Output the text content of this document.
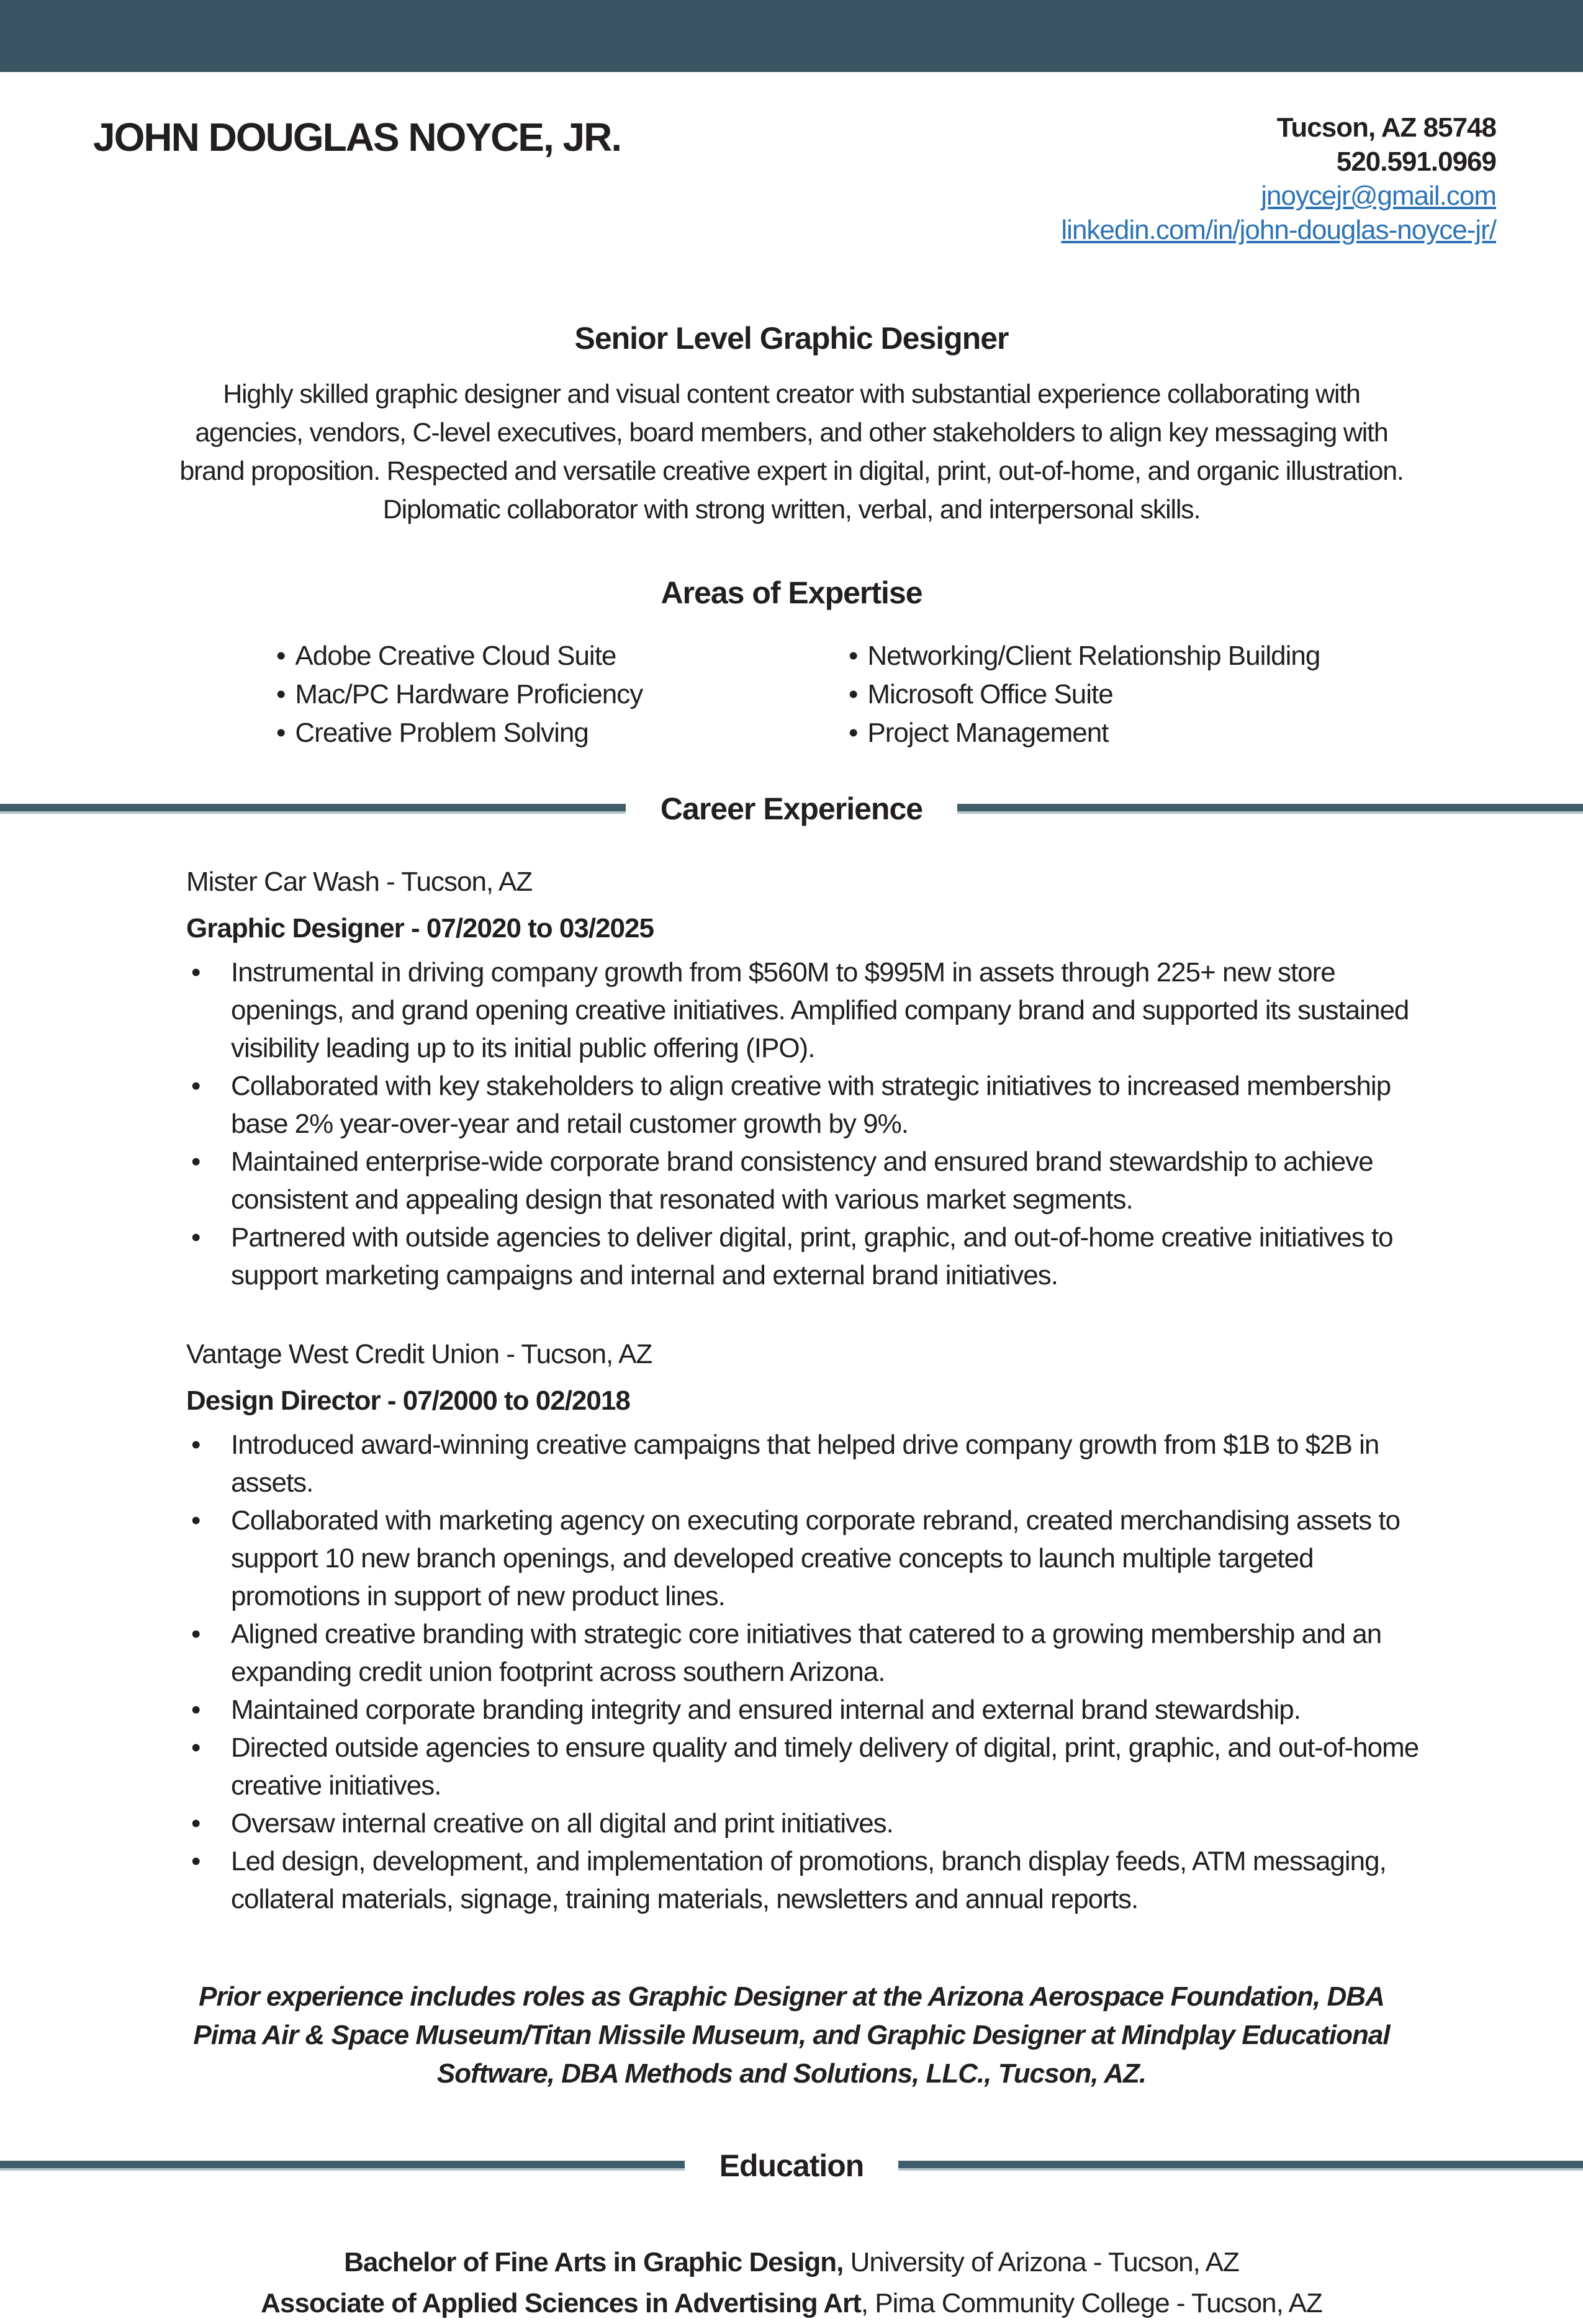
JOHN DOUGLAS NOYCE, JR.	Tucson, AZ 85748
520.591.0969
jnoycejr@gmail.com
linkedin.com/in/john-douglas-noyce-jr/
Senior Level Graphic Designer
Highly skilled graphic designer and visual content creator with substantial experience collaborating with agencies, vendors, C-level executives, board members, and other stakeholders to align key messaging with brand proposition. Respected and versatile creative expert in digital, print, out-of-home, and organic illustration. Diplomatic collaborator with strong written, verbal, and interpersonal skills.
Areas of Expertise
• Adobe Creative Cloud Suite
• Mac/PC Hardware Proficiency
• Creative Problem Solving
• Networking/Client Relationship Building
• Microsoft Office Suite
• Project Management
Career Experience
Mister Car Wash - Tucson, AZ
Graphic Designer - 07/2020 to 03/2025
• Instrumental in driving company growth from $560M to $995M in assets through 225+ new store openings, and grand opening creative initiatives. Amplified company brand and supported its sustained visibility leading up to its initial public offering (IPO).
• Collaborated with key stakeholders to align creative with strategic initiatives to increased membership base 2% year-over-year and retail customer growth by 9%.
• Maintained enterprise-wide corporate brand consistency and ensured brand stewardship to achieve consistent and appealing design that resonated with various market segments.
• Partnered with outside agencies to deliver digital, print, graphic, and out-of-home creative initiatives to support marketing campaigns and internal and external brand initiatives.
Vantage West Credit Union - Tucson, AZ
Design Director - 07/2000 to 02/2018
• Introduced award-winning creative campaigns that helped drive company growth from $1B to $2B in assets.
• Collaborated with marketing agency on executing corporate rebrand, created merchandising assets to support 10 new branch openings, and developed creative concepts to launch multiple targeted promotions in support of new product lines.
• Aligned creative branding with strategic core initiatives that catered to a growing membership and an expanding credit union footprint across southern Arizona.
• Maintained corporate branding integrity and ensured internal and external brand stewardship.
• Directed outside agencies to ensure quality and timely delivery of digital, print, graphic, and out-of-home creative initiatives.
• Oversaw internal creative on all digital and print initiatives.
• Led design, development, and implementation of promotions, branch display feeds, ATM messaging, collateral materials, signage, training materials, newsletters and annual reports.
Prior experience includes roles as Graphic Designer at the Arizona Aerospace Foundation, DBA Pima Air & Space Museum/Titan Missile Museum, and Graphic Designer at Mindplay Educational Software, DBA Methods and Solutions, LLC., Tucson, AZ.
Education
Bachelor of Fine Arts in Graphic Design, University of Arizona - Tucson, AZ
Associate of Applied Sciences in Advertising Art, Pima Community College - Tucson, AZ
